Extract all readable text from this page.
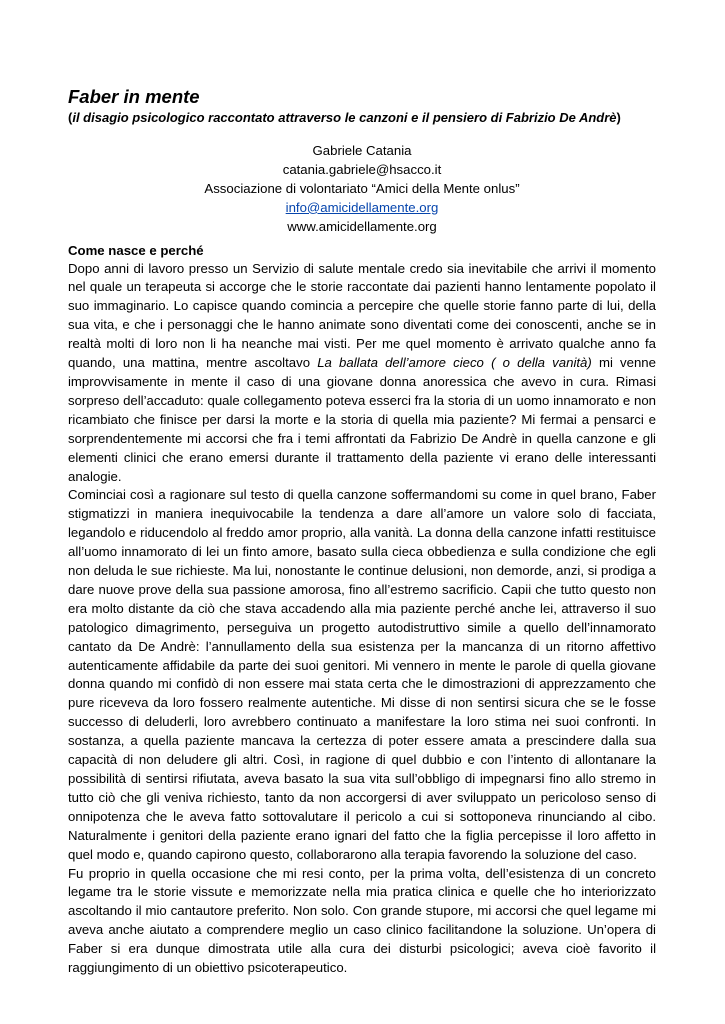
Faber in mente

(il disagio psicologico raccontato attraverso le canzoni e il pensiero di Fabrizio De Andrè)

Gabriele Catania
catania.gabriele@hsacco.it
Associazione di volontariato “Amici della Mente onlus”
info@amicidellamente.org
www.amicidellamente.org
Come nasce e perché

Dopo anni di lavoro presso un Servizio di salute mentale credo sia inevitabile che arrivi il momento nel quale un terapeuta si accorge che le storie raccontate dai pazienti hanno lentamente popolato il suo immaginario. Lo capisce quando comincia a percepire che quelle storie fanno parte di lui, della sua vita, e che i personaggi che le hanno animate sono diventati come dei conoscenti, anche se in realtà molti di loro non li ha neanche mai visti. Per me quel momento è arrivato qualche anno fa quando, una mattina, mentre ascoltavo La ballata dell’amore cieco ( o della vanità) mi venne improvvisamente in mente il caso di una giovane donna anoressica che avevo in cura. Rimasi sorpreso dell’accaduto: quale collegamento poteva esserci fra la storia di un uomo innamorato e non ricambiato che finisce per darsi la morte e la storia di quella mia paziente? Mi fermai a pensarci e sorprendentemente mi accorsi che fra i temi affrontati da Fabrizio De Andrè in quella canzone e gli elementi clinici che erano emersi durante il trattamento della paziente vi erano delle interessanti analogie.

Cominciai così a ragionare sul testo di quella canzone soffermandomi su come in quel brano, Faber stigmatizzi in maniera inequivocabile la tendenza a dare all’amore un valore solo di facciata, legandolo e riducendolo al freddo amor proprio, alla vanità. La donna della canzone infatti restituisce all’uomo innamorato di lei un finto amore, basato sulla cieca obbedienza e sulla condizione che egli non deluda le sue richieste. Ma lui, nonostante le continue delusioni, non demorde, anzi, si prodiga a dare nuove prove della sua passione amorosa, fino all’estremo sacrificio. Capii che tutto questo non era molto distante da ciò che stava accadendo alla mia paziente perché anche lei, attraverso il suo patologico dimagrimento, perseguiva un progetto autodistruttivo simile a quello dell’innamorato cantato da De Andrè: l’annullamento della sua esistenza per la mancanza di un ritorno affettivo autenticamente affidabile da parte dei suoi genitori. Mi vennero in mente le parole di quella giovane donna quando mi confidò di non essere mai stata certa che le dimostrazioni di apprezzamento che pure riceveva da loro fossero realmente autentiche. Mi disse di non sentirsi sicura che se le fosse successo di deluderli, loro avrebbero continuato a manifestare la loro stima nei suoi confronti. In sostanza, a quella paziente mancava la certezza di poter essere amata a prescindere dalla sua capacità di non deludere gli altri. Così, in ragione di quel dubbio e con l’intento di allontanare la possibilità di sentirsi rifiutata, aveva basato la sua vita sull’obbligo di impegnarsi fino allo stremo in tutto ciò che gli veniva richiesto, tanto da non accorgersi di aver sviluppato un pericoloso senso di onnipotenza che le aveva fatto sottovalutare il pericolo a cui si sottoponeva rinunciando al cibo. Naturalmente i genitori della paziente erano ignari del fatto che la figlia percepisse il loro affetto in quel modo e, quando capirono questo, collaborarono alla terapia favorendo la soluzione del caso.

Fu proprio in quella occasione che mi resi conto, per la prima volta, dell’esistenza di un concreto legame tra le storie vissute e memorizzate nella mia pratica clinica e quelle che ho interiorizzato ascoltando il mio cantautore preferito. Non solo. Con grande stupore, mi accorsi che quel legame mi aveva anche aiutato a comprendere meglio un caso clinico facilitandone la soluzione. Un’opera di Faber si era dunque dimostrata utile alla cura dei disturbi psicologici; aveva cioè favorito il raggiungimento di un obiettivo psicoterapeutico.
